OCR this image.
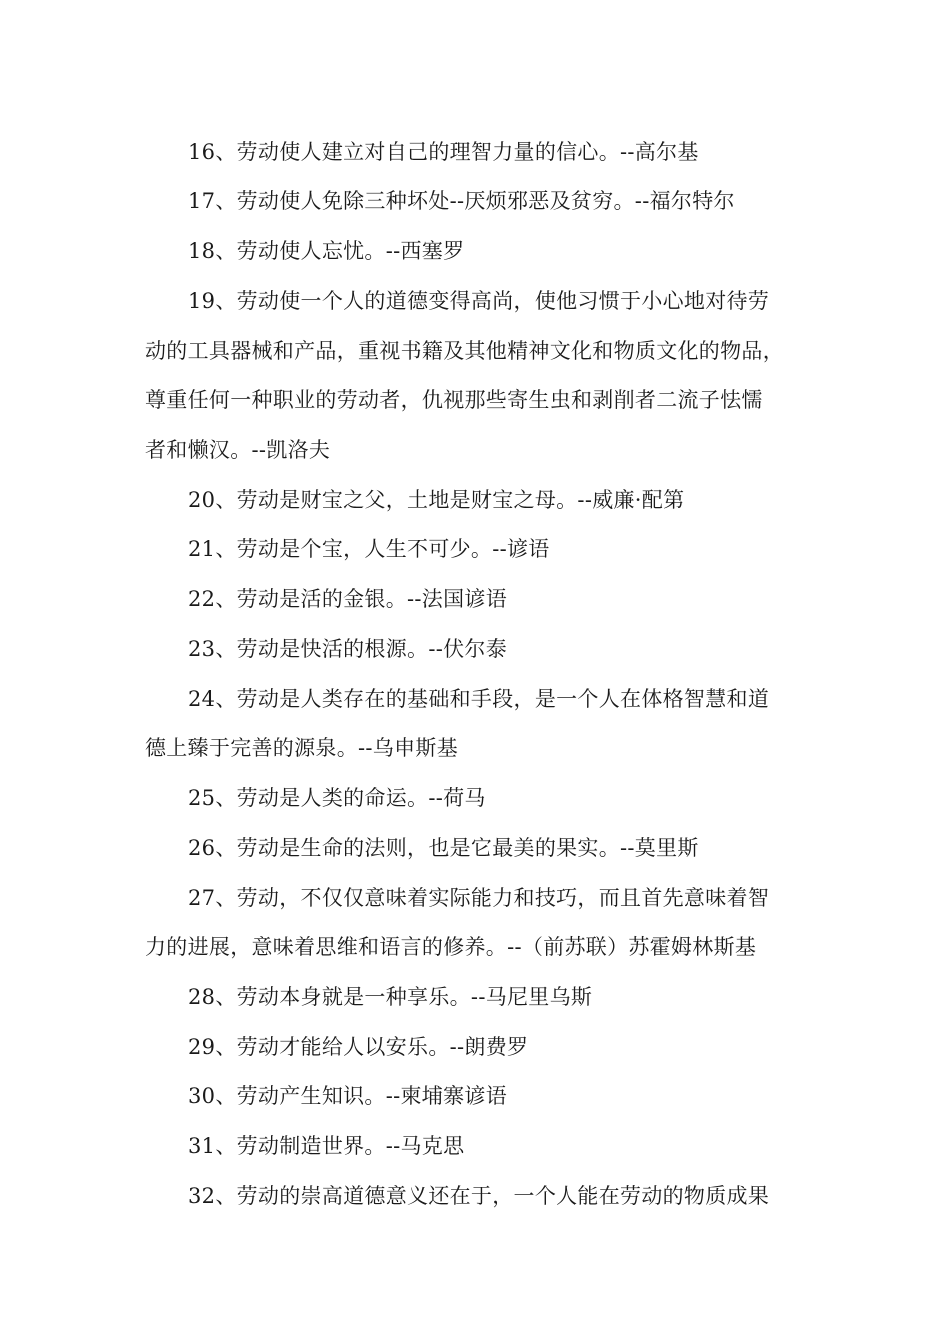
16、劳动使人建立对自己的理智力量的信心。--高尔基
17、劳动使人免除三种坏处--厌烦邪恶及贫穷。--福尔特尔
18、劳动使人忘忧。--西塞罗
19、劳动使一个人的道德变得高尚，使他习惯于小心地对待劳
动的工具器械和产品，重视书籍及其他精神文化和物质文化的物品，
尊重任何一种职业的劳动者，仇视那些寄生虫和剥削者二流子怯懦
者和懒汉。--凯洛夫
20、劳动是财宝之父，土地是财宝之母。--威廉·配第
21、劳动是个宝，人生不可少。--谚语
22、劳动是活的金银。--法国谚语
23、劳动是快活的根源。--伏尔泰
24、劳动是人类存在的基础和手段，是一个人在体格智慧和道
德上臻于完善的源泉。--乌申斯基
25、劳动是人类的命运。--荷马
26、劳动是生命的法则，也是它最美的果实。--莫里斯
27、劳动，不仅仅意味着实际能力和技巧，而且首先意味着智
力的进展，意味着思维和语言的修养。--（前苏联）苏霍姆林斯基
28、劳动本身就是一种享乐。--马尼里乌斯
29、劳动才能给人以安乐。--朗费罗
30、劳动产生知识。--柬埔寨谚语
31、劳动制造世界。--马克思
32、劳动的崇高道德意义还在于，一个人能在劳动的物质成果
